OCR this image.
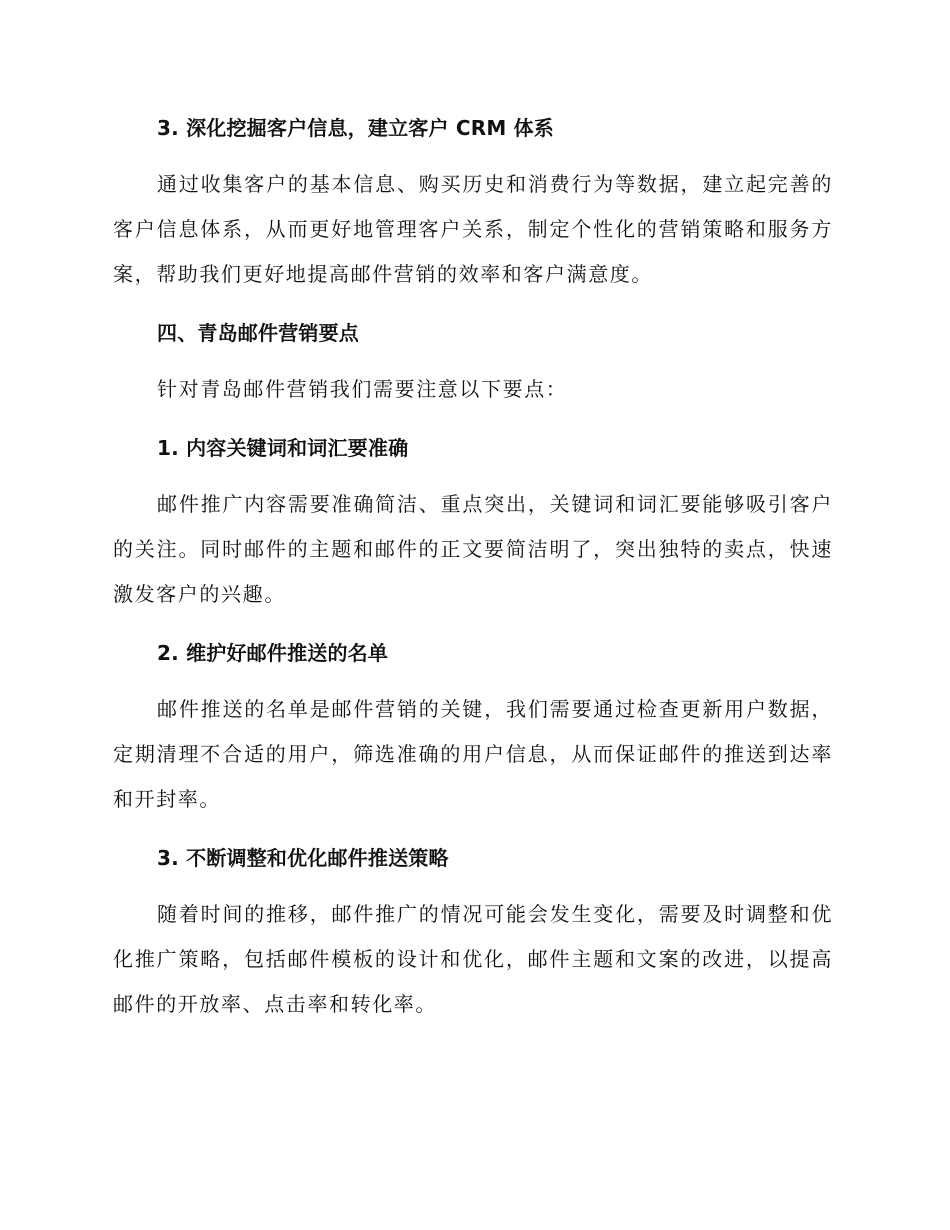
3. 深化挖掘客户信息，建立客户 CRM 体系

通过收集客户的基本信息、购买历史和消费行为等数据，建立起完善的客户信息体系，从而更好地管理客户关系，制定个性化的营销策略和服务方案，帮助我们更好地提高邮件营销的效率和客户满意度。

四、青岛邮件营销要点

针对青岛邮件营销我们需要注意以下要点：

1. 内容关键词和词汇要准确

邮件推广内容需要准确简洁、重点突出，关键词和词汇要能够吸引客户的关注。同时邮件的主题和邮件的正文要简洁明了，突出独特的卖点，快速激发客户的兴趣。

2. 维护好邮件推送的名单

邮件推送的名单是邮件营销的关键，我们需要通过检查更新用户数据，定期清理不合适的用户，筛选准确的用户信息，从而保证邮件的推送到达率和开封率。

3. 不断调整和优化邮件推送策略

随着时间的推移，邮件推广的情况可能会发生变化，需要及时调整和优化推广策略，包括邮件模板的设计和优化，邮件主题和文案的改进，以提高邮件的开放率、点击率和转化率。
